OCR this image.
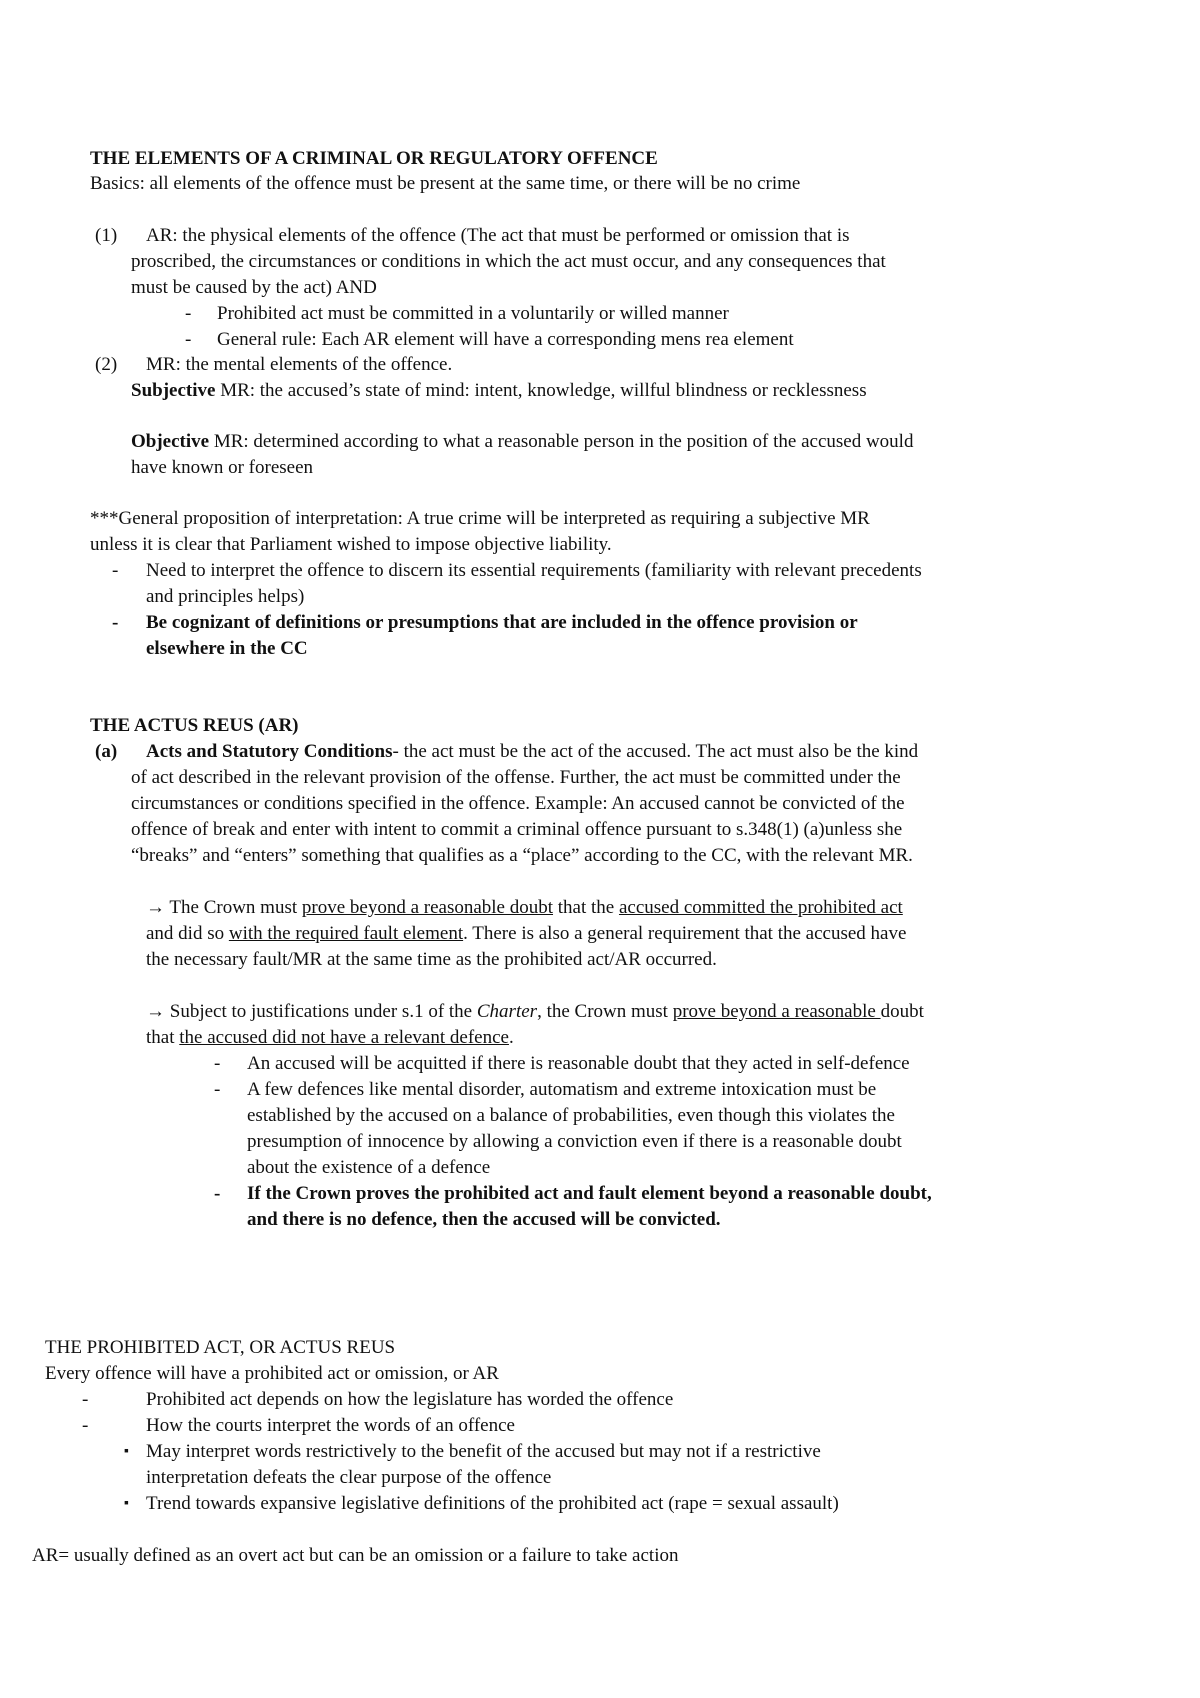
THE ELEMENTS OF A CRIMINAL OR REGULATORY OFFENCE
Basics: all elements of the offence must be present at the same time, or there will be no crime
(1) AR: the physical elements of the offence (The act that must be performed or omission that is
proscribed, the circumstances or conditions in which the act must occur, and any consequences that
must be caused by the act) AND
- Prohibited act must be committed in a voluntarily or willed manner
- General rule: Each AR element will have a corresponding mens rea element
(2) MR: the mental elements of the offence.
Subjective MR: the accused’s state of mind: intent, knowledge, willful blindness or recklessness
Objective MR: determined according to what a reasonable person in the position of the accused would
have known or foreseen
***General proposition of interpretation: A true crime will be interpreted as requiring a subjective MR
unless it is clear that Parliament wished to impose objective liability.
- Need to interpret the offence to discern its essential requirements (familiarity with relevant precedents
and principles helps)
- Be cognizant of definitions or presumptions that are included in the offence provision or
elsewhere in the CC
THE ACTUS REUS (AR)
(a) Acts and Statutory Conditions- the act must be the act of the accused. The act must also be the kind
of act described in the relevant provision of the offense. Further, the act must be committed under the
circumstances or conditions specified in the offence. Example: An accused cannot be convicted of the
offence of break and enter with intent to commit a criminal offence pursuant to s.348(1) (a)unless she
“breaks” and “enters” something that qualifies as a “place” according to the CC, with the relevant MR.
→ The Crown must prove beyond a reasonable doubt that the accused committed the prohibited act
and did so with the required fault element. There is also a general requirement that the accused have
the necessary fault/MR at the same time as the prohibited act/AR occurred.
→ Subject to justifications under s.1 of the Charter, the Crown must prove beyond a reasonable doubt
that the accused did not have a relevant defence.
- An accused will be acquitted if there is reasonable doubt that they acted in self-defence
- A few defences like mental disorder, automatism and extreme intoxication must be
established by the accused on a balance of probabilities, even though this violates the
presumption of innocence by allowing a conviction even if there is a reasonable doubt
about the existence of a defence
- If the Crown proves the prohibited act and fault element beyond a reasonable doubt,
and there is no defence, then the accused will be convicted.
THE PROHIBITED ACT, OR ACTUS REUS
Every offence will have a prohibited act or omission, or AR
-	Prohibited act depends on how the legislature has worded the offence
-	How the courts interpret the words of an offence
▪ May interpret words restrictively to the benefit of the accused but may not if a restrictive
interpretation defeats the clear purpose of the offence
▪ Trend towards expansive legislative definitions of the prohibited act (rape = sexual assault)
AR= usually defined as an overt act but can be an omission or a failure to take action
